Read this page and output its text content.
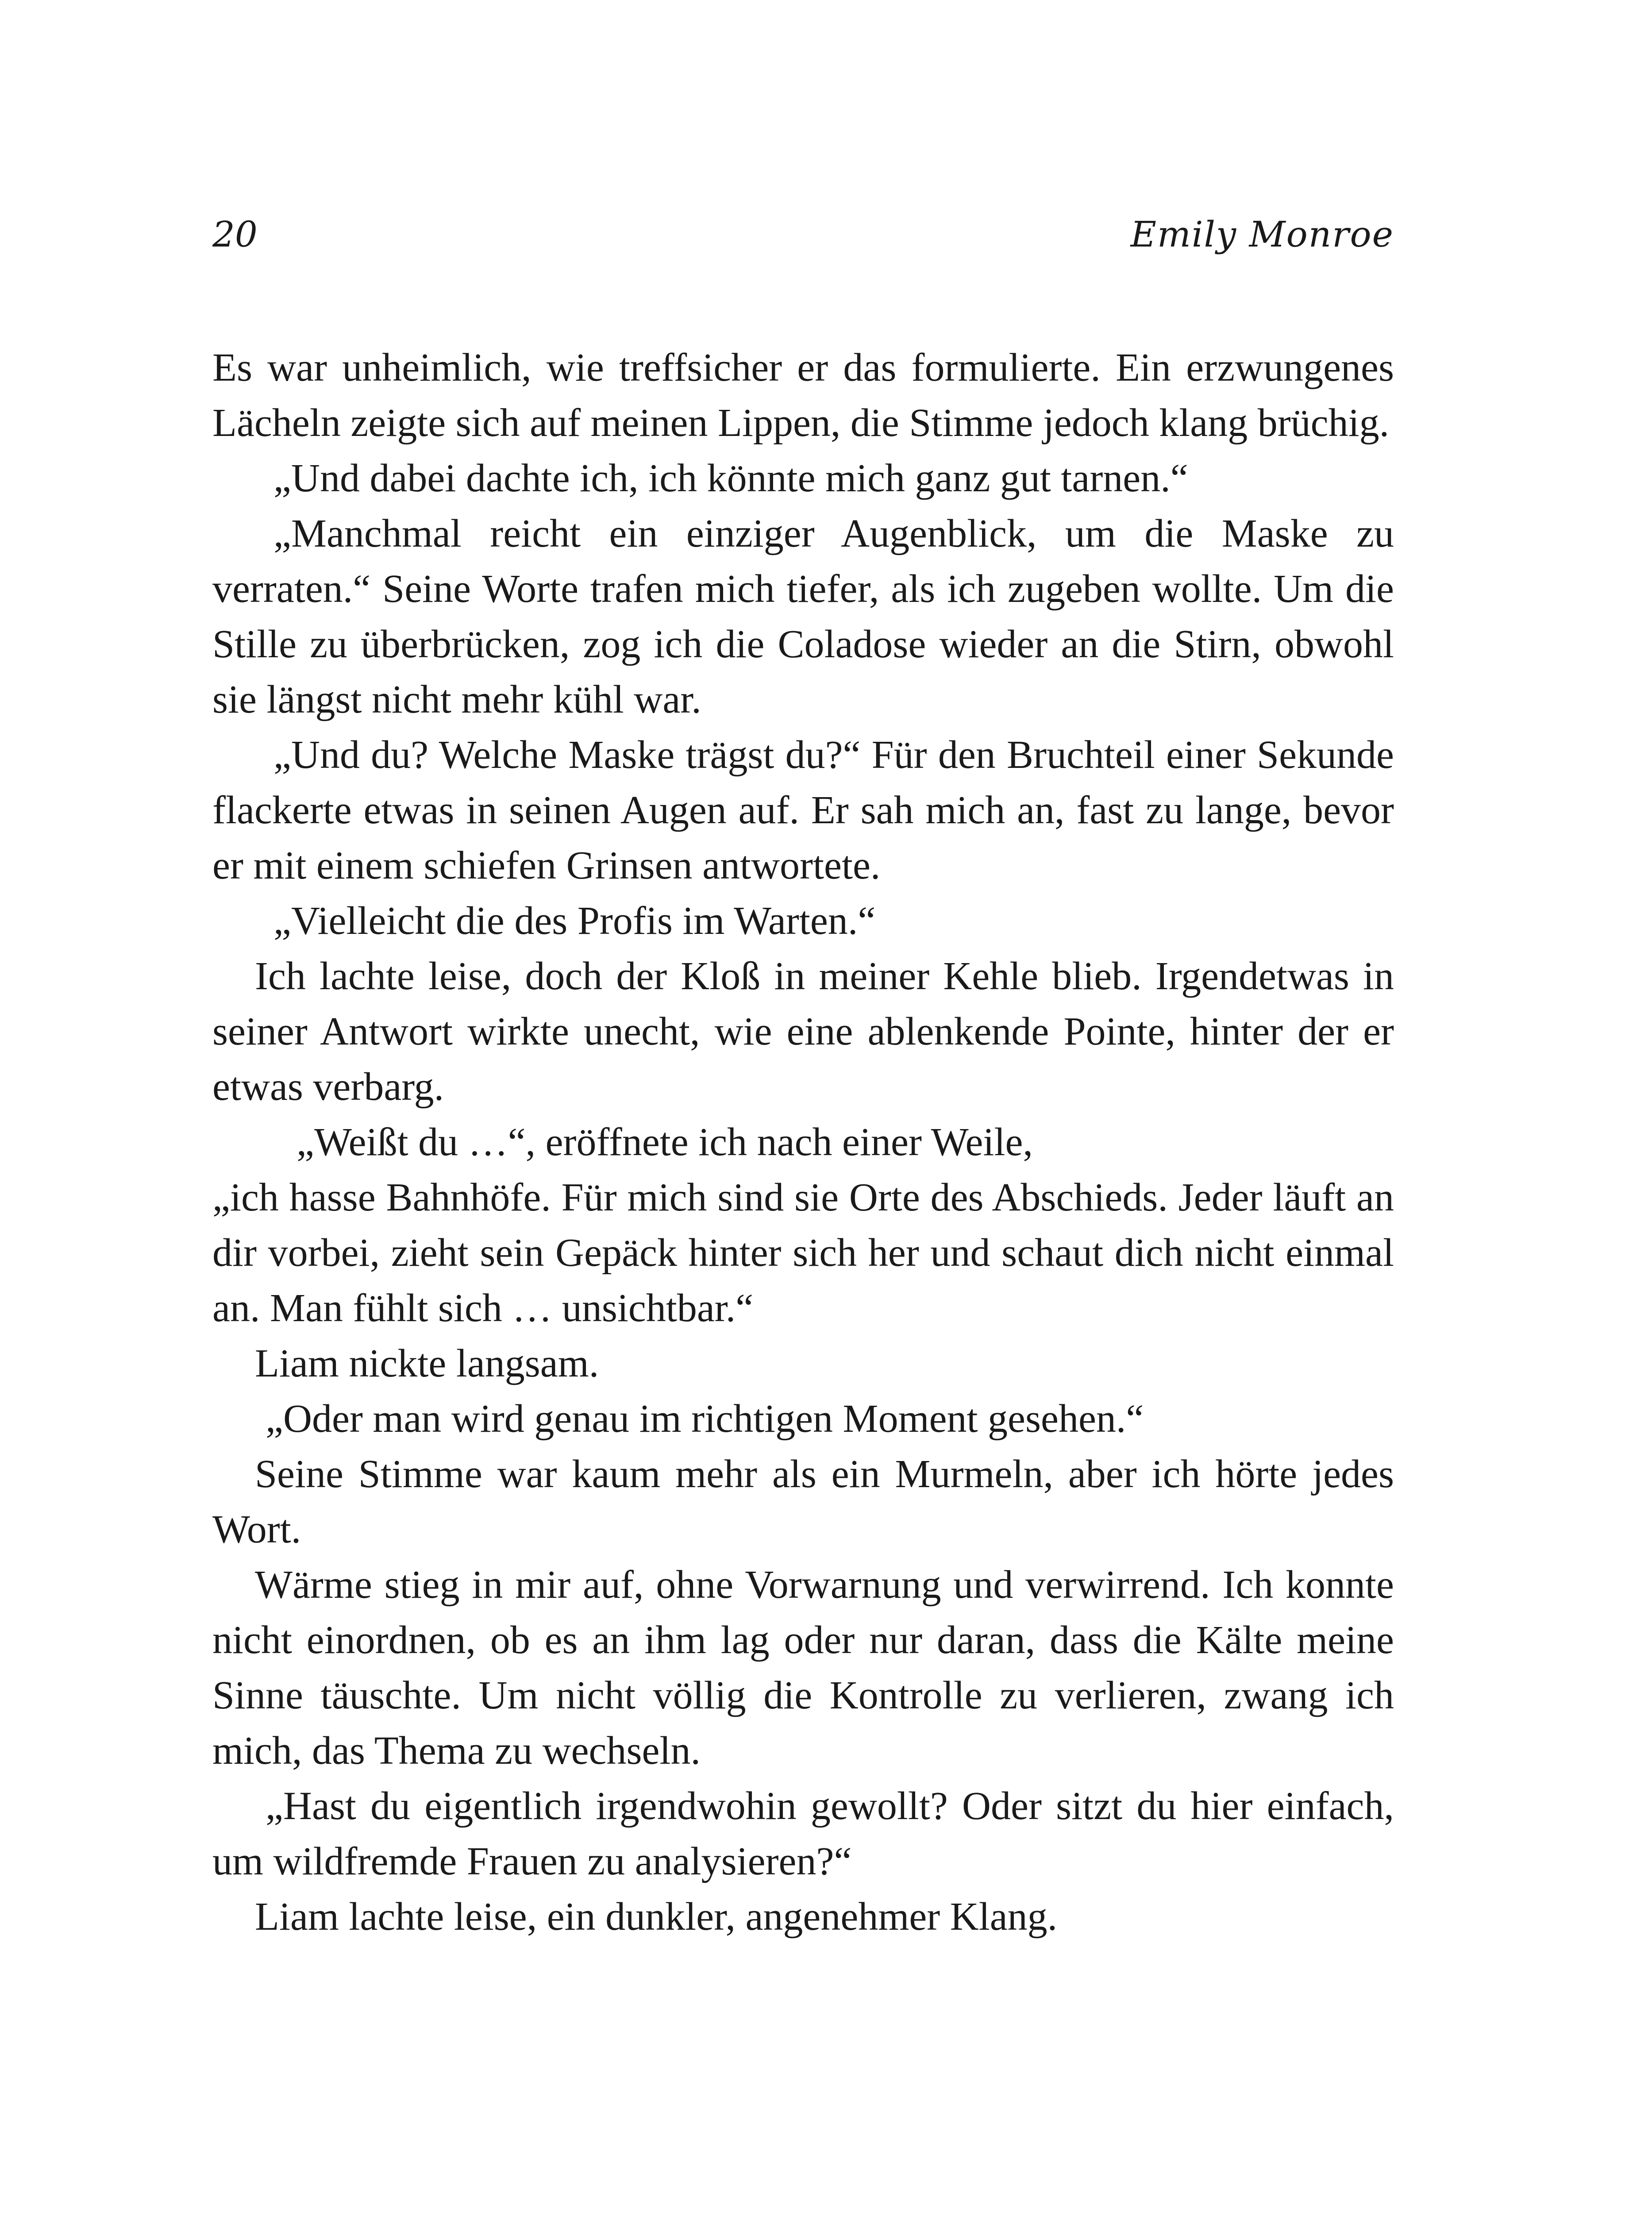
20	Emily Monroe

Es war unheimlich, wie treffsicher er das formulierte. Ein erzwungenes Lächeln zeigte sich auf meinen Lippen, die Stimme jedoch klang brüchig.

„Und dabei dachte ich, ich könnte mich ganz gut tarnen.“

„Manchmal reicht ein einziger Augenblick, um die Maske zu verraten.“ Seine Worte trafen mich tiefer, als ich zugeben wollte. Um die Stille zu überbrücken, zog ich die Coladose wieder an die Stirn, obwohl sie längst nicht mehr kühl war.

„Und du? Welche Maske trägst du?“ Für den Bruchteil einer Sekunde flackerte etwas in seinen Augen auf. Er sah mich an, fast zu lange, bevor er mit einem schiefen Grinsen antwortete.

„Vielleicht die des Profis im Warten.“

Ich lachte leise, doch der Kloß in meiner Kehle blieb. Irgendetwas in seiner Antwort wirkte unecht, wie eine ablenkende Pointe, hinter der er etwas verbarg.

„Weißt du …“, eröffnete ich nach einer Weile,

„ich hasse Bahnhöfe. Für mich sind sie Orte des Abschieds. Jeder läuft an dir vorbei, zieht sein Gepäck hinter sich her und schaut dich nicht einmal an. Man fühlt sich … unsichtbar.“

Liam nickte langsam.

„Oder man wird genau im richtigen Moment gesehen.“

Seine Stimme war kaum mehr als ein Murmeln, aber ich hörte jedes Wort.

Wärme stieg in mir auf, ohne Vorwarnung und verwirrend. Ich konnte nicht einordnen, ob es an ihm lag oder nur daran, dass die Kälte meine Sinne täuschte. Um nicht völlig die Kontrolle zu verlieren, zwang ich mich, das Thema zu wechseln.

„Hast du eigentlich irgendwohin gewollt? Oder sitzt du hier einfach, um wildfremde Frauen zu analysieren?“

Liam lachte leise, ein dunkler, angenehmer Klang.
